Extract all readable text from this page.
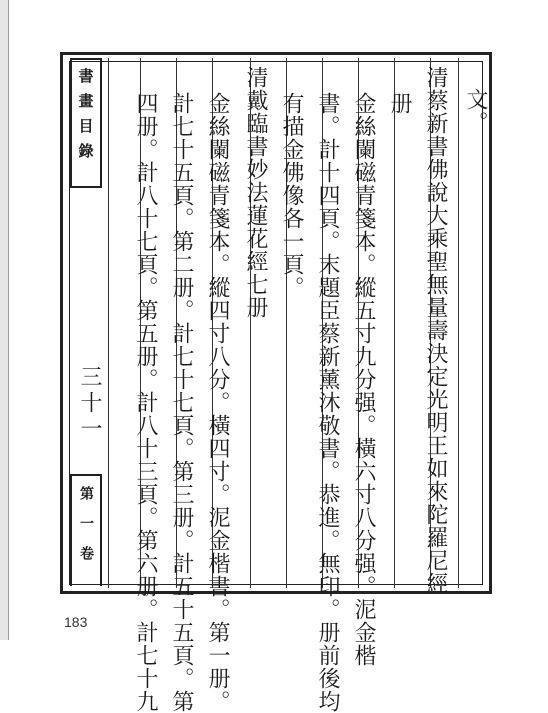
書畫目錄
三十一
第一卷
文。
清蔡新書佛說大乘聖無量壽決定光明王如來陀羅尼經
册
金絲闌磁青箋本。縱五寸九分强。橫六寸八分强。泥金楷
書。計十四頁。末題臣蔡新薰沐敬書。恭進。無印。册前後均
有描金佛像各一頁。
清戴臨書妙法蓮花經七册
金絲闌磁青箋本。縱四寸八分。橫四寸。泥金楷書。第一册。
計七十五頁。第二册。計七十七頁。第三册。計五十五頁。第
四册。計八十七頁。第五册。計八十三頁。第六册。計七十九
183
